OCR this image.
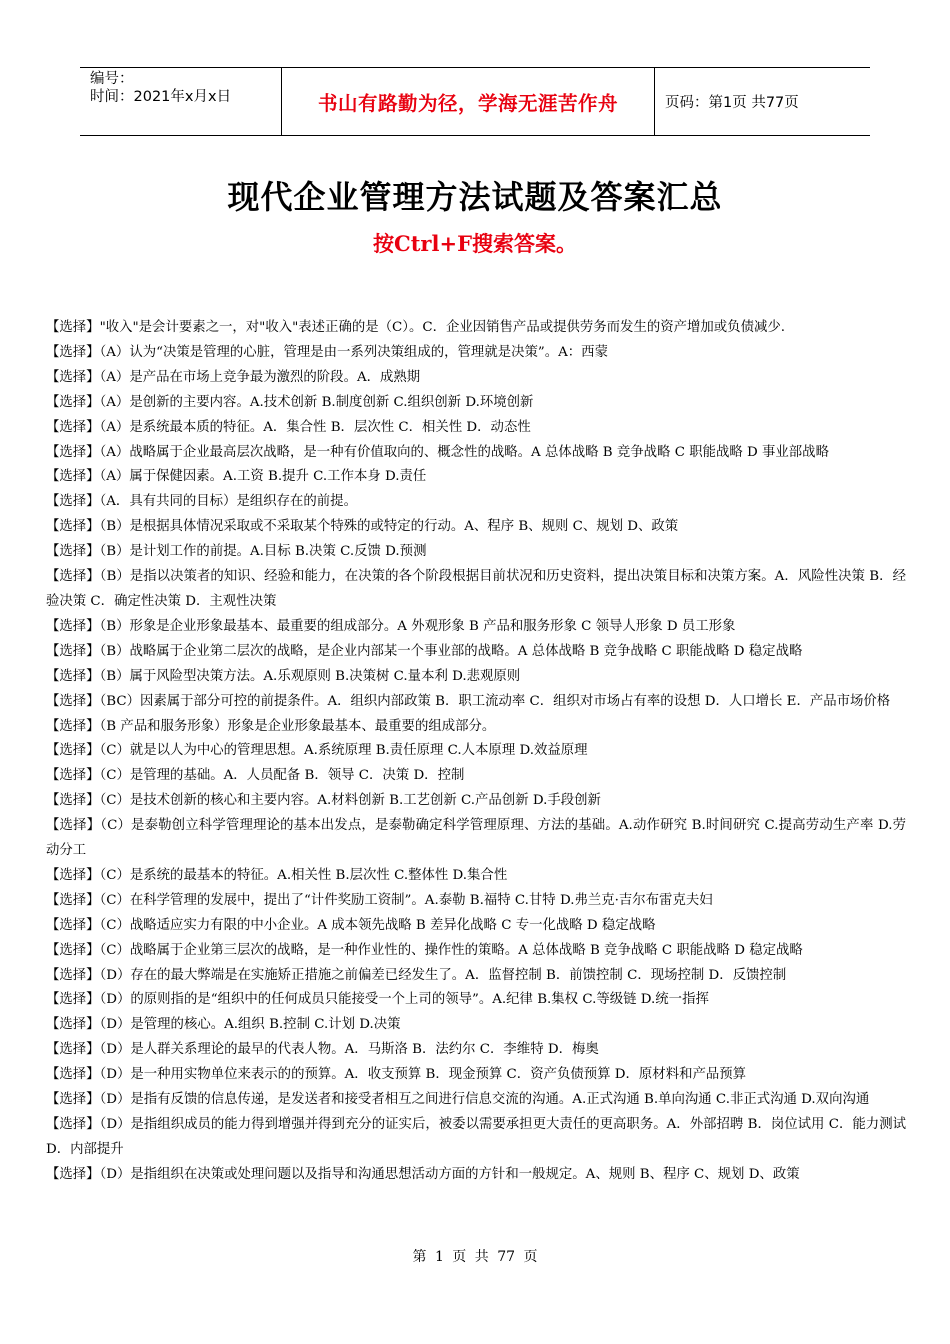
编号：
时间：2021年x月x日	书山有路勤为径，学海无涯苦作舟	页码：第1页 共77页
现代企业管理方法试题及答案汇总
按Ctrl+F搜索答案。

【选择】"收入"是会计要素之一，对"收入"表述正确的是（C）。C．企业因销售产品或提供劳务而发生的资产增加或负债减少.

【选择】（A）认为“决策是管理的心脏，管理是由一系列决策组成的，管理就是决策”。A：西蒙

【选择】（A）是产品在市场上竞争最为激烈的阶段。A．成熟期

【选择】（A）是创新的主要内容。A.技术创新 B.制度创新 C.组织创新 D.环境创新

【选择】（A）是系统最本质的特征。A．集合性 B．层次性 C．相关性 D．动态性

【选择】（A）战略属于企业最高层次战略，是一种有价值取向的、概念性的战略。A 总体战略 B 竞争战略 C 职能战略 D 事业部战略

【选择】（A）属于保健因素。A.工资 B.提升 C.工作本身 D.责任

【选择】（A．具有共同的目标）是组织存在的前提。

【选择】（B）是根据具体情况采取或不采取某个特殊的或特定的行动。A、程序 B、规则 C、规划 D、政策

【选择】（B）是计划工作的前提。A.目标 B.决策 C.反馈 D.预测

【选择】（B）是指以决策者的知识、经验和能力，在决策的各个阶段根据目前状况和历史资料，提出决策目标和决策方案。A．风险性决策 B．经验决策 C．确定性决策 D．主观性决策

【选择】（B）形象是企业形象最基本、最重要的组成部分。A 外观形象 B 产品和服务形象 C 领导人形象 D 员工形象

【选择】（B）战略属于企业第二层次的战略，是企业内部某一个事业部的战略。A 总体战略 B 竞争战略 C 职能战略 D 稳定战略

【选择】（B）属于风险型决策方法。A.乐观原则 B.决策树 C.量本利 D.悲观原则

【选择】（BC）因素属于部分可控的前提条件。A．组织内部政策 B．职工流动率 C．组织对市场占有率的设想 D．人口增长 E．产品市场价格

【选择】（B 产品和服务形象）形象是企业形象最基本、最重要的组成部分。

【选择】（C）就是以人为中心的管理思想。A.系统原理 B.责任原理 C.人本原理 D.效益原理

【选择】（C）是管理的基础。A．人员配备 B．领导 C．决策 D．控制

【选择】（C）是技术创新的核心和主要内容。A.材料创新 B.工艺创新 C.产品创新 D.手段创新

【选择】（C）是泰勒创立科学管理理论的基本出发点，是泰勒确定科学管理原理、方法的基础。A.动作研究 B.时间研究 C.提高劳动生产率 D.劳动分工

【选择】（C）是系统的最基本的特征。A.相关性 B.层次性 C.整体性 D.集合性

【选择】（C）在科学管理的发展中，提出了“计件奖励工资制”。A.泰勒 B.福特 C.甘特 D.弗兰克·吉尔布雷克夫妇

【选择】（C）战略适应实力有限的中小企业。A 成本领先战略 B 差异化战略 C 专一化战略 D 稳定战略

【选择】（C）战略属于企业第三层次的战略，是一种作业性的、操作性的策略。A 总体战略 B 竞争战略 C 职能战略 D 稳定战略

【选择】（D）存在的最大弊端是在实施矫正措施之前偏差已经发生了。A．监督控制 B．前馈控制 C．现场控制 D．反馈控制

【选择】（D）的原则指的是“组织中的任何成员只能接受一个上司的领导”。A.纪律 B.集权 C.等级链 D.统一指挥

【选择】（D）是管理的核心。A.组织 B.控制 C.计划 D.决策

【选择】（D）是人群关系理论的最早的代表人物。A．马斯洛 B．法约尔 C．李维特 D．梅奥

【选择】（D）是一种用实物单位来表示的的预算。A．收支预算 B．现金预算 C．资产负债预算 D．原材料和产品预算

【选择】（D）是指有反馈的信息传递，是发送者和接受者相互之间进行信息交流的沟通。A.正式沟通 B.单向沟通 C.非正式沟通 D.双向沟通

【选择】（D）是指组织成员的能力得到增强并得到充分的证实后，被委以需要承担更大责任的更高职务。A．外部招聘 B．岗位试用 C．能力测试 D．内部提升

【选择】（D）是指组织在决策或处理问题以及指导和沟通思想活动方面的方针和一般规定。A、规则 B、程序 C、规划 D、政策

第 1 页 共 77 页
